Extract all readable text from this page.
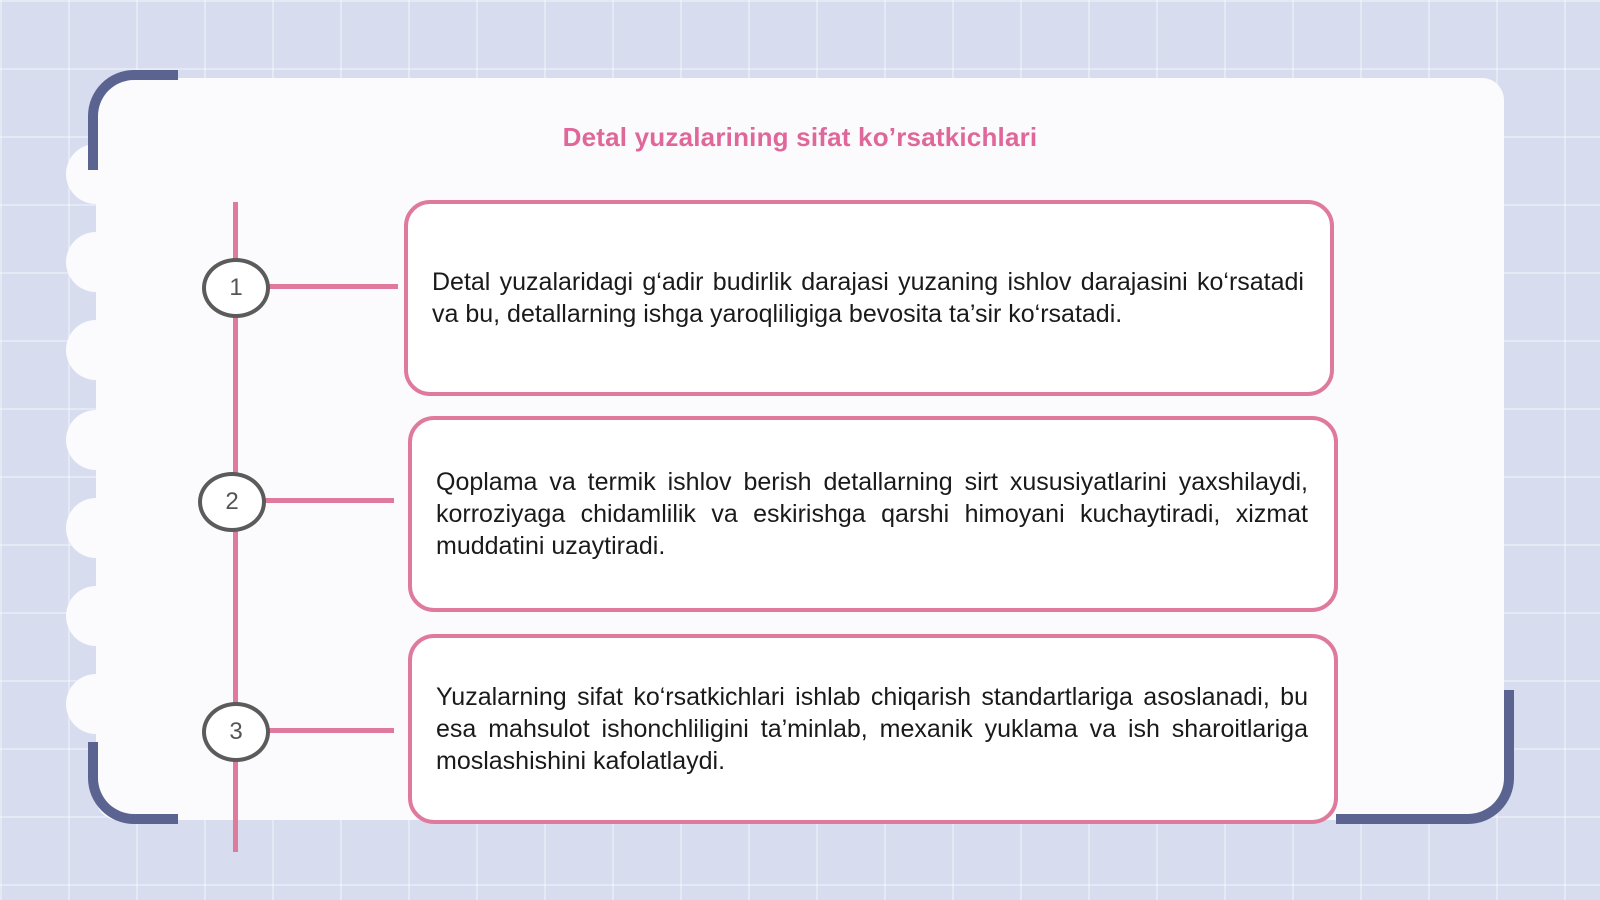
Detal yuzalarining sifat ko’rsatkichlari
1	Detal yuzalaridagi g‘adir budirlik darajasi yuzaning ishlov darajasini ko‘rsatadi va bu, detallarning ishga yaroqliligiga bevosita ta’sir ko‘rsatadi.
2
Qoplama va termik ishlov berish detallarning sirt xususiyatlarini yaxshilaydi, korroziyaga chidamlilik va eskirishga qarshi himoyani kuchaytiradi, xizmat muddatini uzaytiradi.
3
Yuzalarning sifat ko‘rsatkichlari ishlab chiqarish standartlariga asoslanadi, bu esa mahsulot ishonchliligini ta’minlab, mexanik yuklama va ish sharoitlariga moslashishini kafolatlaydi.
